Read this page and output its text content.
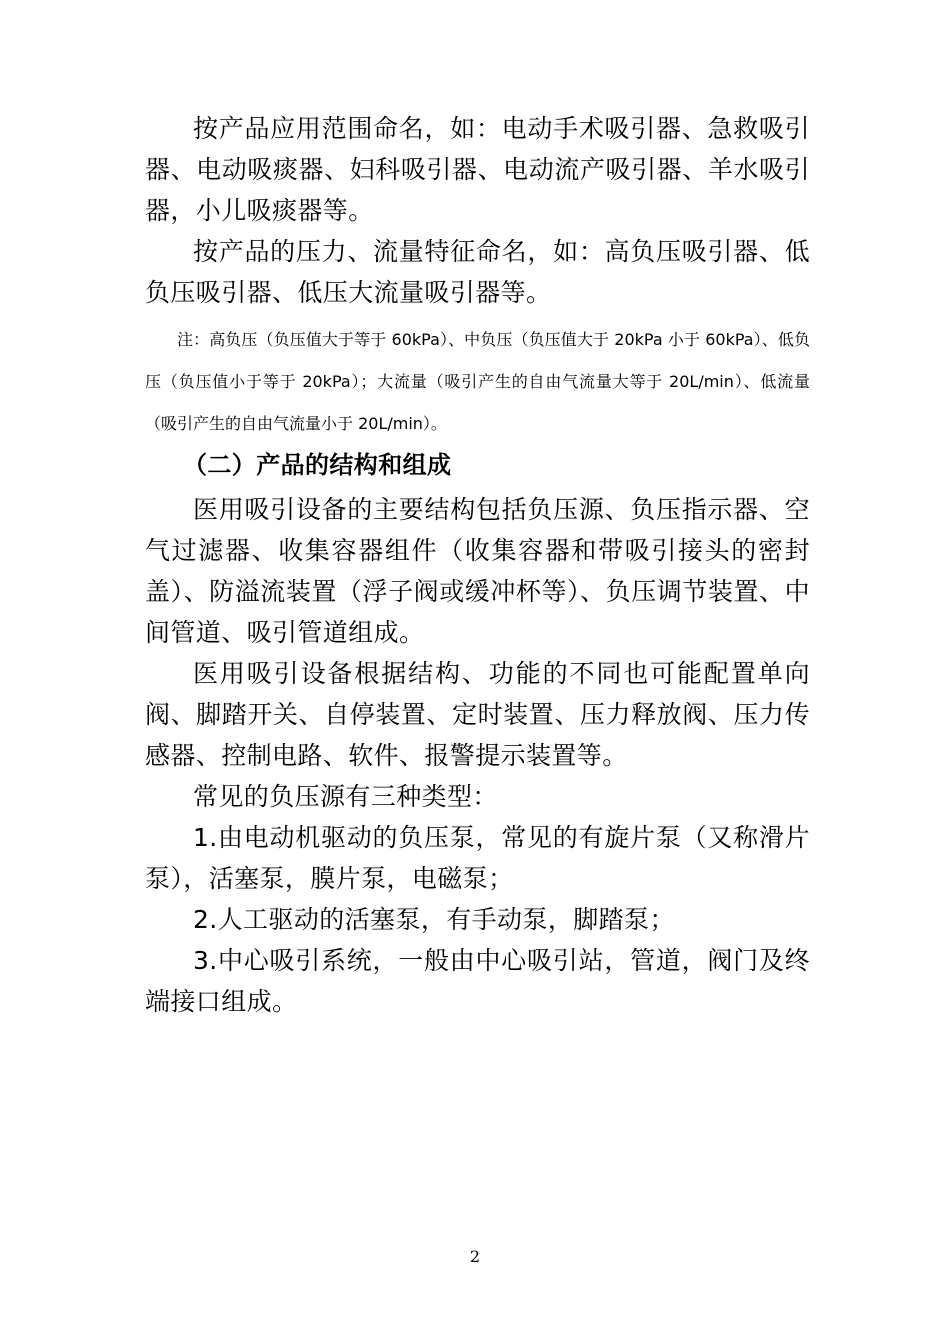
按产品应用范围命名，如：电动手术吸引器、急救吸引器、电动吸痰器、妇科吸引器、电动流产吸引器、羊水吸引器，小儿吸痰器等。

按产品的压力、流量特征命名，如：高负压吸引器、低负压吸引器、低压大流量吸引器等。

注：高负压（负压值大于等于 60kPa）、中负压（负压值大于 20kPa 小于 60kPa）、低负压（负压值小于等于 20kPa）；大流量（吸引产生的自由气流量大等于 20L/min）、低流量（吸引产生的自由气流量小于 20L/min）。

（二）产品的结构和组成

医用吸引设备的主要结构包括负压源、负压指示器、空气过滤器、收集容器组件（收集容器和带吸引接头的密封盖）、防溢流装置（浮子阀或缓冲杯等）、负压调节装置、中间管道、吸引管道组成。

医用吸引设备根据结构、功能的不同也可能配置单向阀、脚踏开关、自停装置、定时装置、压力释放阀、压力传感器、控制电路、软件、报警提示装置等。

常见的负压源有三种类型：

1.由电动机驱动的负压泵，常见的有旋片泵（又称滑片泵），活塞泵，膜片泵，电磁泵；

2.人工驱动的活塞泵，有手动泵，脚踏泵；

3.中心吸引系统，一般由中心吸引站，管道，阀门及终端接口组成。

2
